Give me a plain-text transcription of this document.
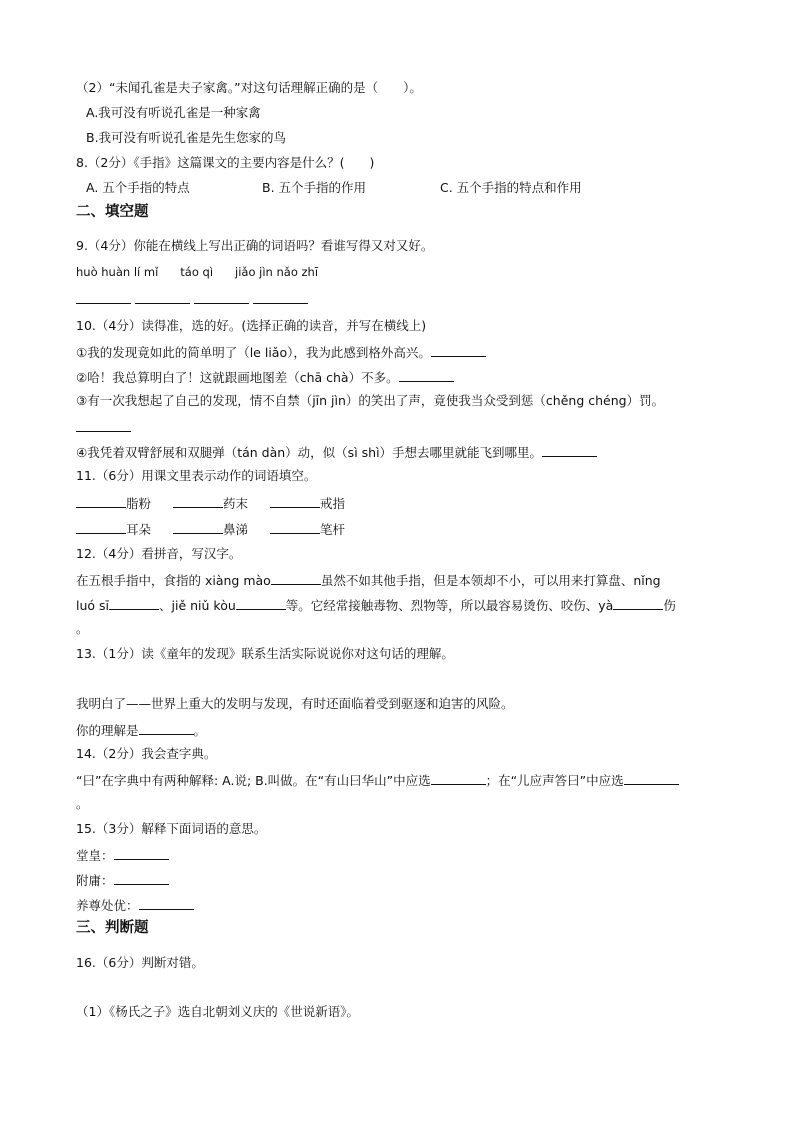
（2）“未闻孔雀是夫子家禽。”对这句话理解正确的是（　　）。
A.我可没有听说孔雀是一种家禽
B.我可没有听说孔雀是先生您家的鸟
8.（2分）《手指》这篇课文的主要内容是什么？(　　)
A. 五个手指的特点	B. 五个手指的作用	C. 五个手指的特点和作用
二、填空题
9.（4分）你能在横线上写出正确的词语吗？看谁写得又对又好。
huò huàn lí mǐ táo qì jiǎo jìn nǎo zhī

10.（4分）读得准，选的好。(选择正确的读音，并写在横线上)
①我的发现竟如此的简单明了（le liǎo），我为此感到格外高兴。
②哈！我总算明白了！这就跟画地图差（chā chà）不多。
③有一次我想起了自己的发现，情不自禁（jīn jìn）的笑出了声，竟使我当众受到惩（chěng chéng）罚。
④我凭着双臂舒展和双腿弹（tán dàn）动，似（sì shì）手想去哪里就能飞到哪里。
11.（6分）用课文里表示动作的词语填空。
脂粉	药末	戒指
耳朵	鼻涕	笔杆
12.（4分）看拼音，写汉字。
在五根手指中，食指的 xiàng mào	虽然不如其他手指，但是本领却不小，可以用来打算盘、nǐng
luó sī	、jiě niǔ kòu	等。它经常接触毒物、烈物等，所以最容易烫伤、咬伤、yà	伤
。
13.（1分）读《童年的发现》联系生活实际说说你对这句话的理解。
我明白了——世界上重大的发明与发现，有时还面临着受到驱逐和迫害的风险。
你的理解是	。
14.（2分）我会查字典。
“曰”在字典中有两种解释: A.说; B.叫做。在“有山曰华山”中应选	；在“儿应声答曰”中应选
。
15.（3分）解释下面词语的意思。
堂皇：
附庸：
养尊处优：
三、判断题
16.（6分）判断对错。
（1）《杨氏之子》选自北朝刘义庆的《世说新语》。
